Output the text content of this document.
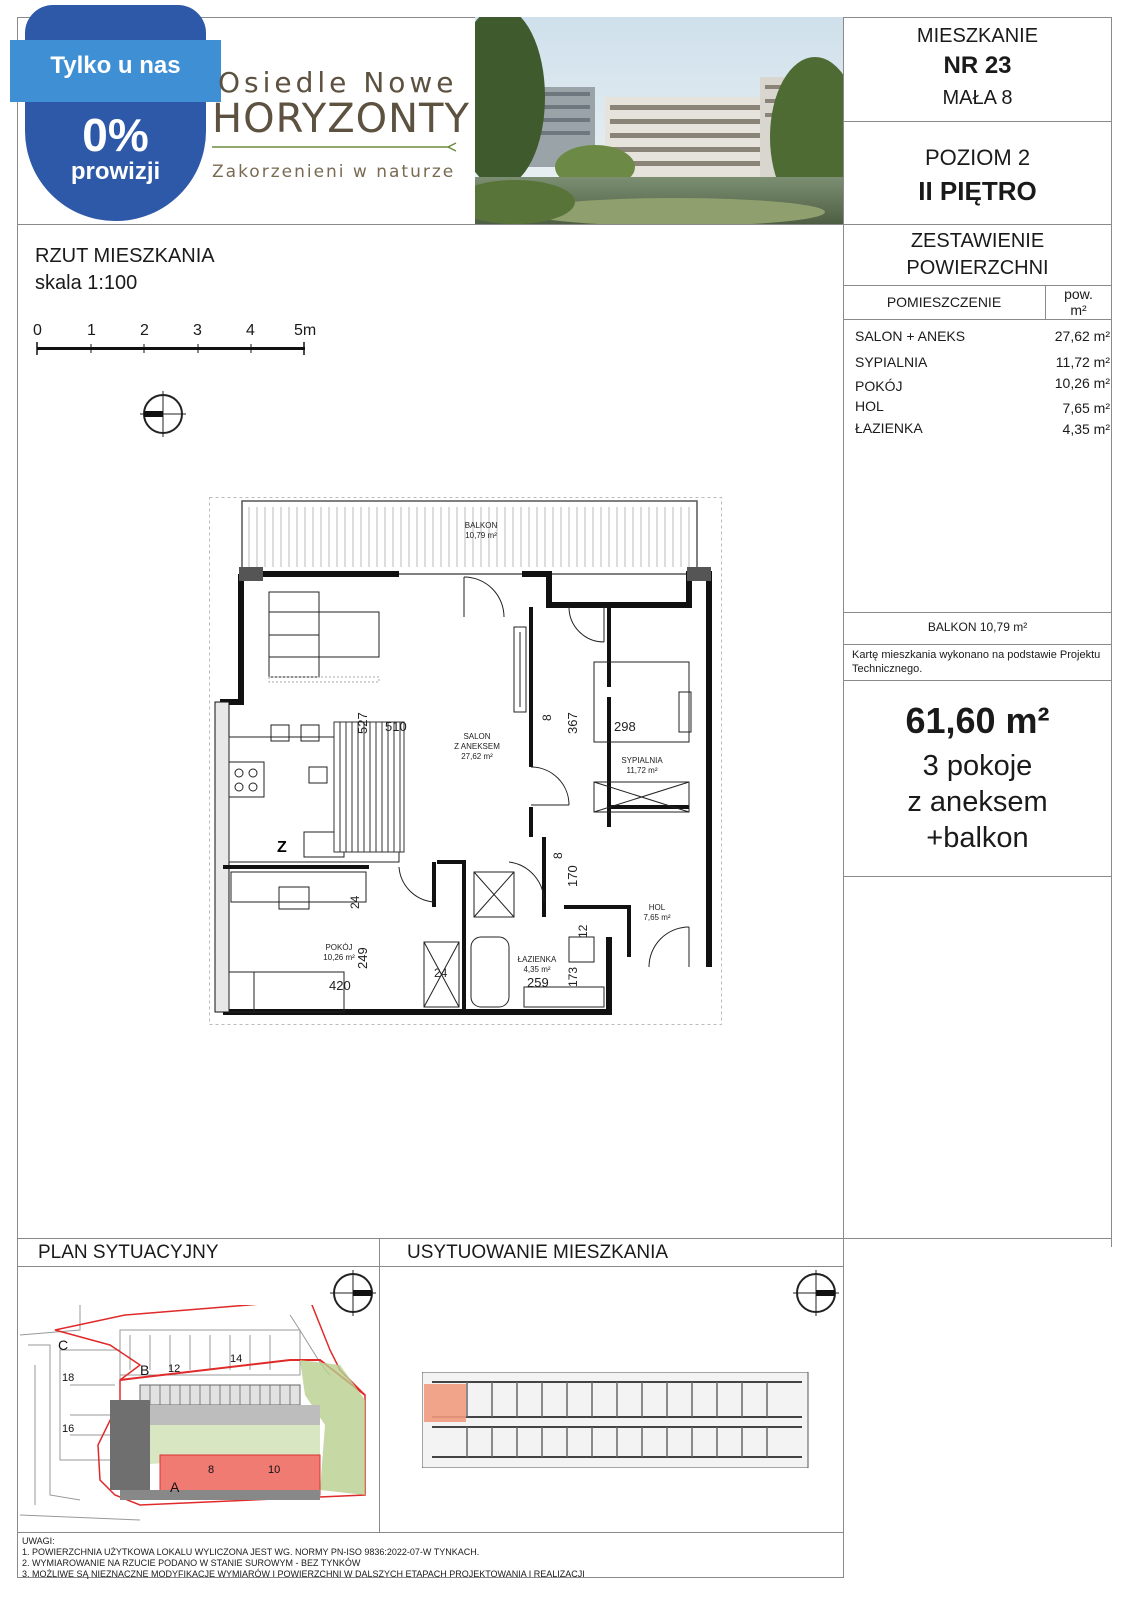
Tylko u nas
0%
prowizji
Osiedle Nowe
HORYZONTY
Zakorzenieni w naturze
MIESZKANIE
NR 23
MAŁA 8
POZIOM 2
II PIĘTRO
ZESTAWIENIE
POWIERZCHNI
POMIESZCZENIE	pow.
m²
SALON + ANEKS	27,62 m²
SYPIALNIA	11,72 m²
POKÓJ	10,26 m²
HOL	7,65 m²
ŁAZIENKA	4,35 m²
BALKON 10,79 m²
Kartę mieszkania wykonano na podstawie Projektu Technicznego.
61,60 m²
3 pokoje
z aneksem
+balkon
RZUT MIESZKANIA
skala 1:100
0	1	2	3	4 5m
Z
BALKON
10,79 m²
SALON
Z ANEKSEM
27,62 m²	SYPIALNIA
11,72 m²
POKÓJ
10,26 m²
HOL
7,65 m²
ŁAZIENKA
4,35 m²
527 510
8 367	298
24
249
420
24
170
8
12
173
259
PLAN SYTUACYJNY	USYTUOWANIE MIESZKANIA
C
18
16
B 12
14
8	10
A
UWAGI:
1. POWIERZCHNIA UŻYTKOWA LOKALU WYLICZONA JEST WG. NORMY PN-ISO 9836:2022-07-W TYNKACH.
2. WYMIAROWANIE NA RZUCIE PODANO W STANIE SUROWYM - BEZ TYNKÓW
3. MOŻLIWE SĄ NIEZNACZNE MODYFIKACJE WYMIARÓW I POWIERZCHNI W DALSZYCH ETAPACH PROJEKTOWANIA I REALIZACJI
